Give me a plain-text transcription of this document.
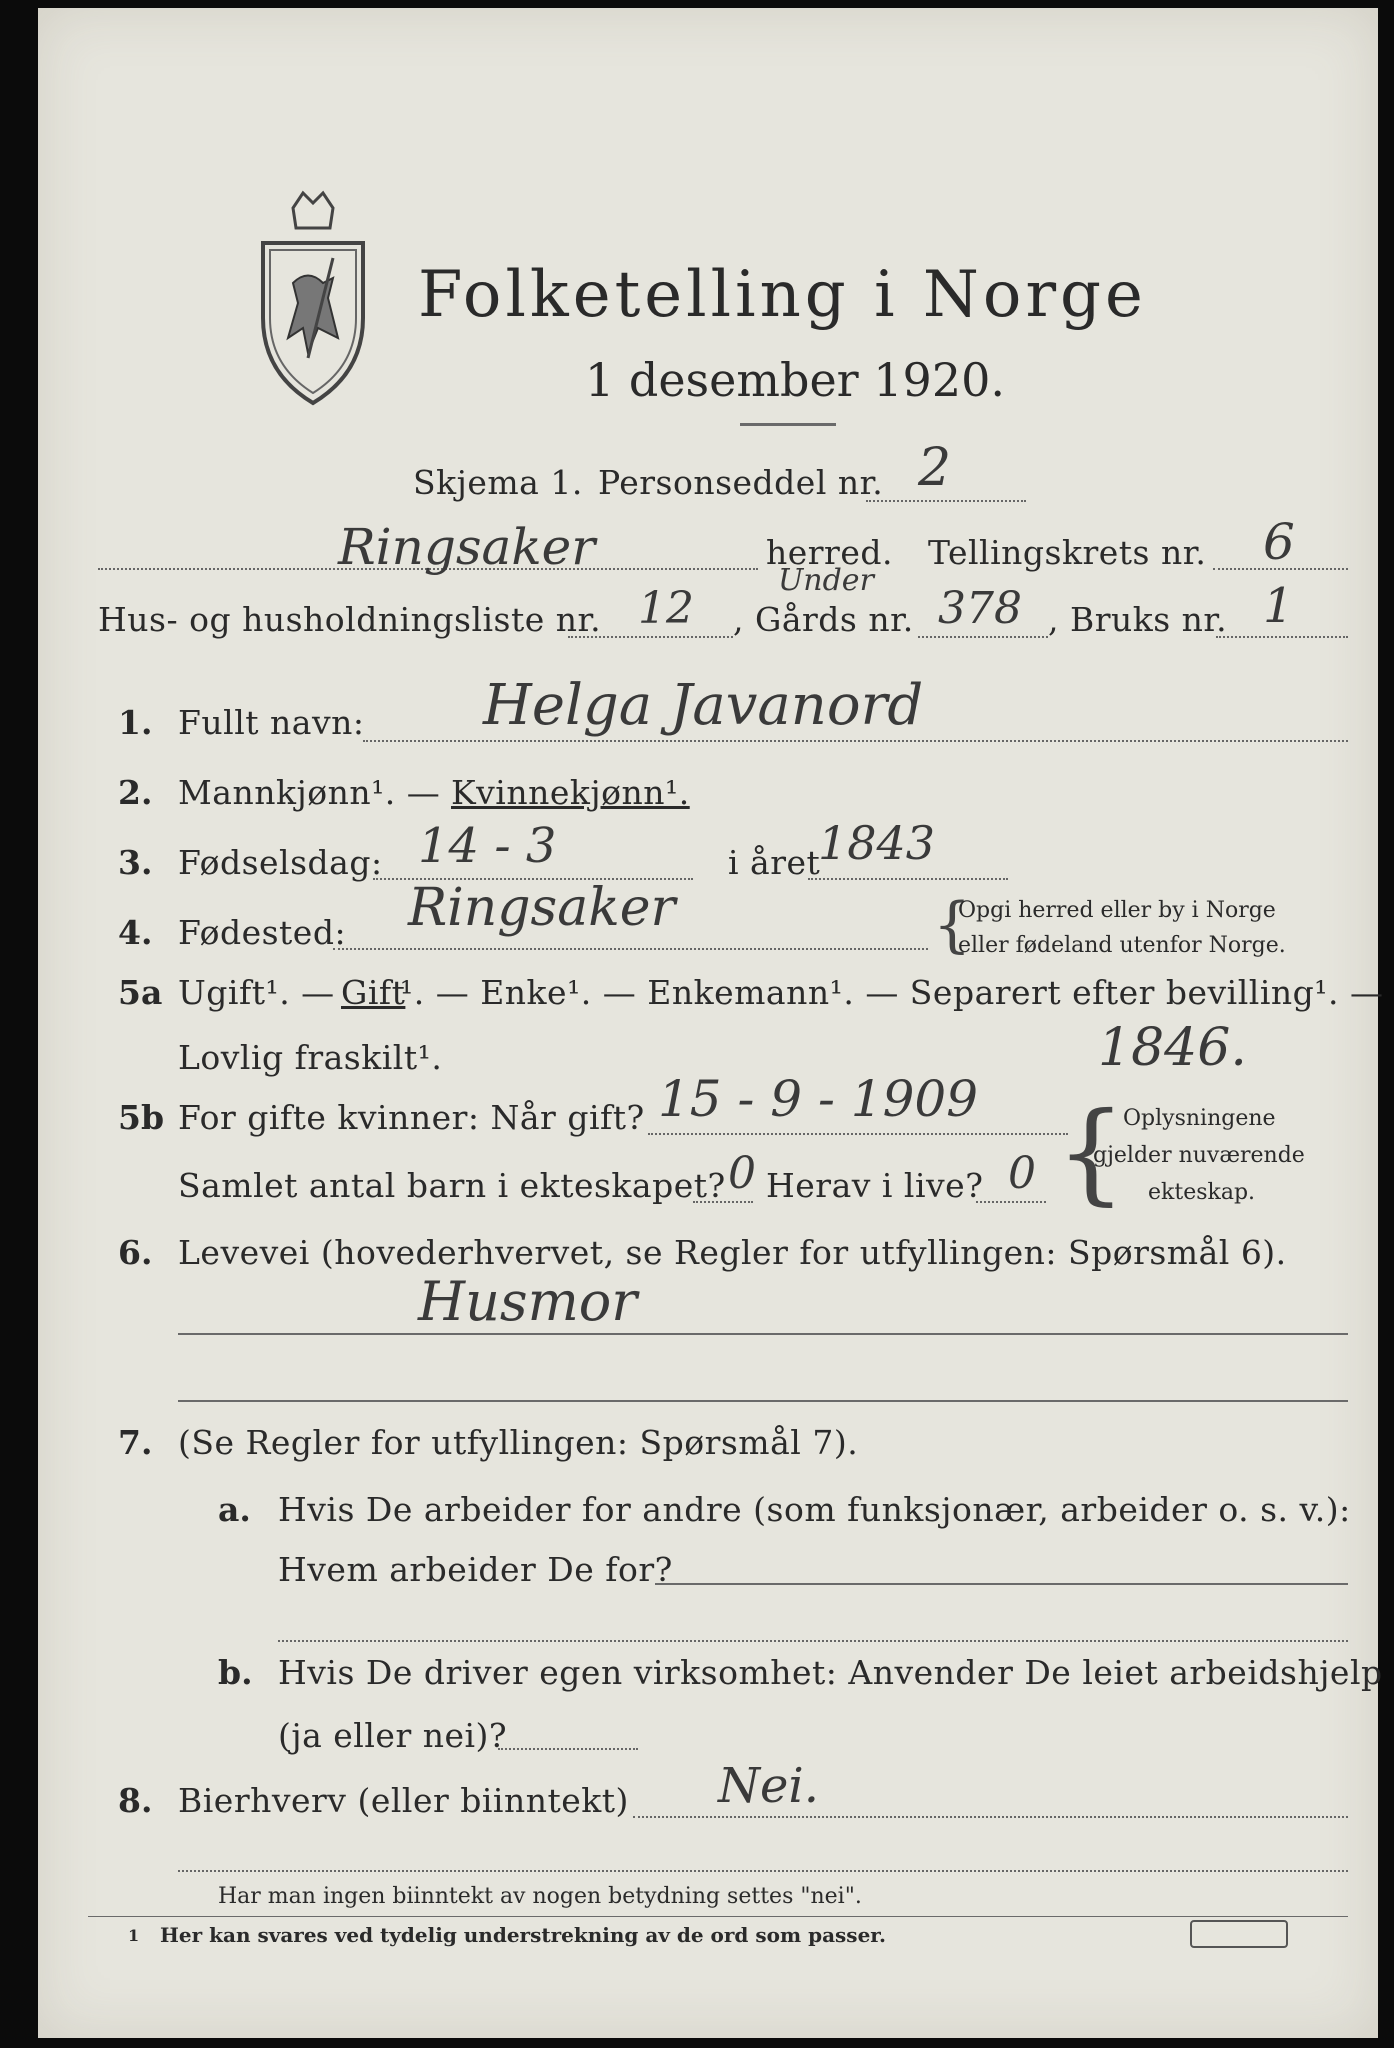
Folketelling i Norge
1 desember 1920.
Skjema 1. Personseddel nr. 2
Ringsaker	herred. Tellingskrets nr. 6
Hus- og husholdningsliste nr. 12 , Gårds nr.
Under
378 , Bruks nr. 1
1. Fullt navn: Helga Javanord
2. Mannkjønn¹. — Kvinnekjønn¹.
3. Fødselsdag: 14 - 3	i året
1843
4. Fødested: Ringsaker	{
Opgi herred eller by i Norge
eller fødeland utenfor Norge.
5a Ugift¹. — Gift
¹. — Enke¹. — Enkemann¹. — Separert efter bevilling¹. —
Lovlig fraskilt¹.	1846.
5b For gifte kvinner: Når gift? 15 - 9 - 1909
Samlet antal barn i ekteskapet? 0 Herav i live? 0 {
Oplysningene
gjelder nuværende
ekteskap.
6. Levevei (hovederhvervet, se Regler for utfyllingen: Spørsmål 6).
Husmor
7. (Se Regler for utfyllingen: Spørsmål 7).
a. Hvis De arbeider for andre (som funksjonær, arbeider o. s. v.):
Hvem arbeider De for?
b. Hvis De driver egen virksomhet: Anvender De leiet arbeidshjelp
(ja eller nei)?
8. Bierhverv (eller biinntekt) Nei.
Har man ingen biinntekt av nogen betydning settes "nei".
1 Her kan svares ved tydelig understrekning av de ord som passer.
